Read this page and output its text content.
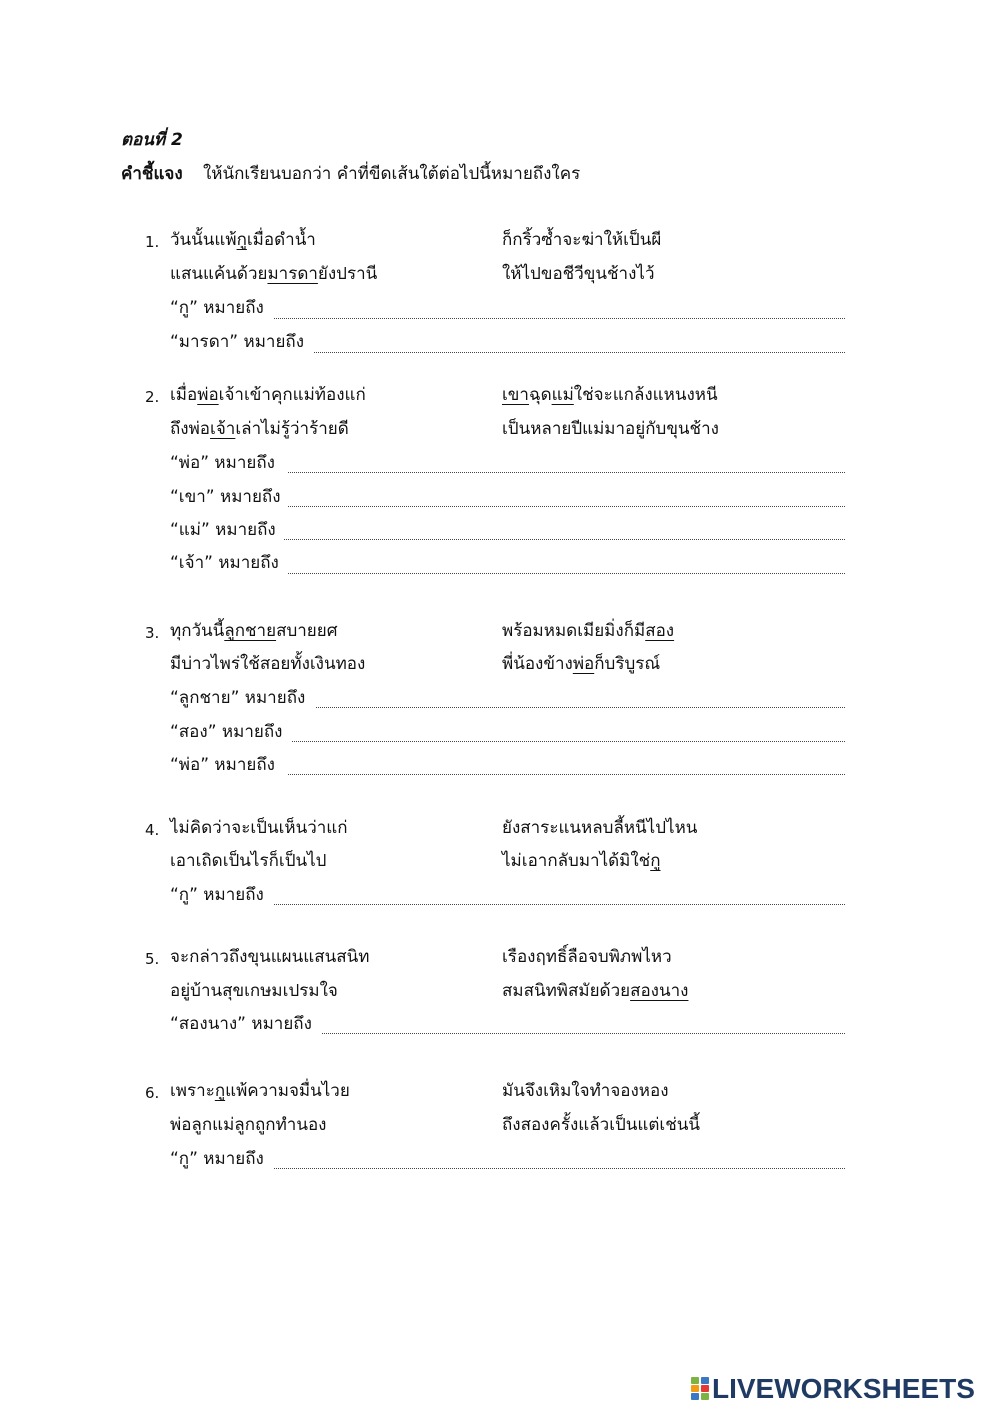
ตอนที่ 2
คำชี้แจง ให้นักเรียนบอกว่า คำที่ขีดเส้นใต้ต่อไปนี้หมายถึงใคร
1. วันนั้นแพ้กูเมื่อดำน้ำ	ก็กริ้วซ้ำจะฆ่าให้เป็นผี
แสนแค้นด้วยมารดายังปรานี	ให้ไปขอชีวีขุนช้างไว้
“กู” หมายถึง
“มารดา” หมายถึง
2. เมื่อพ่อเจ้าเข้าคุกแม่ท้องแก่	เขาฉุดแม่ใช่จะแกล้งแหนงหนี
ถึงพ่อเจ้าเล่าไม่รู้ว่าร้ายดี	เป็นหลายปีแม่มาอยู่กับขุนช้าง
“พ่อ” หมายถึง
“เขา” หมายถึง
“แม่” หมายถึง
“เจ้า” หมายถึง
3. ทุกวันนี้ลูกชายสบายยศ	พร้อมหมดเมียมิ่งก็มีสอง
มีบ่าวไพร่ใช้สอยทั้งเงินทอง	พี่น้องข้างพ่อก็บริบูรณ์
“ลูกชาย” หมายถึง
“สอง” หมายถึง
“พ่อ” หมายถึง
4. ไม่คิดว่าจะเป็นเห็นว่าแก่	ยังสาระแนหลบลี้หนีไปไหน
เอาเถิดเป็นไรก็เป็นไป	ไม่เอากลับมาได้มิใช่กู
“กู” หมายถึง
5. จะกล่าวถึงขุนแผนแสนสนิท	เรืองฤทธิ์ลือจบพิภพไหว
อยู่บ้านสุขเกษมเปรมใจ	สมสนิทพิสมัยด้วยสองนาง
“สองนาง” หมายถึง
6. เพราะกูแพ้ความจมื่นไวย	มันจึงเหิมใจทำจองหอง
พ่อลูกแม่ลูกถูกทำนอง	ถึงสองครั้งแล้วเป็นแต่เช่นนี้
“กู” หมายถึง
LIVEWORKSHEETS
